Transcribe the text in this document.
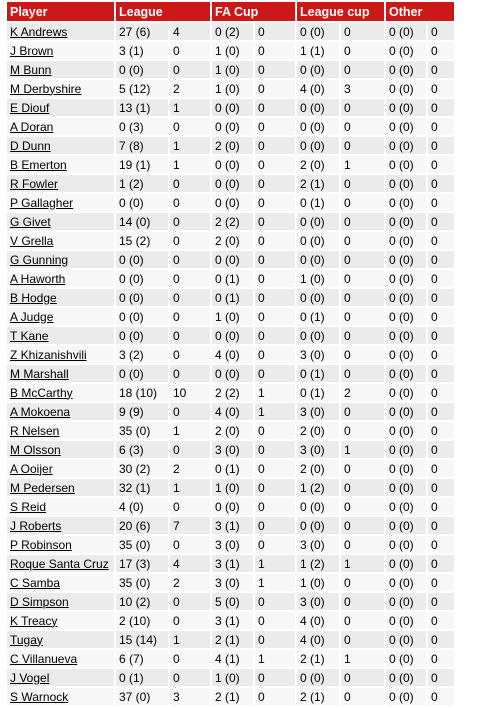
Player	League		FA Cup		League cup		Other	
K Andrews	27 (6)	4	0 (2)	0	0 (0)	0	0 (0)	0
J Brown	3 (1)	0	1 (0)	0	1 (1)	0	0 (0)	0
M Bunn	0 (0)	0	1 (0)	0	0 (0)	0	0 (0)	0
M Derbyshire	5 (12)	2	1 (0)	0	4 (0)	3	0 (0)	0
E Diouf	13 (1)	1	0 (0)	0	0 (0)	0	0 (0)	0
A Doran	0 (3)	0	0 (0)	0	0 (0)	0	0 (0)	0
D Dunn	7 (8)	1	2 (0)	0	0 (0)	0	0 (0)	0
B Emerton	19 (1)	1	0 (0)	0	2 (0)	1	0 (0)	0
R Fowler	1 (2)	0	0 (0)	0	2 (1)	0	0 (0)	0
P Gallagher	0 (0)	0	0 (0)	0	0 (1)	0	0 (0)	0
G Givet	14 (0)	0	2 (2)	0	0 (0)	0	0 (0)	0
V Grella	15 (2)	0	2 (0)	0	0 (0)	0	0 (0)	0
G Gunning	0 (0)	0	0 (0)	0	0 (0)	0	0 (0)	0
A Haworth	0 (0)	0	0 (1)	0	1 (0)	0	0 (0)	0
B Hodge	0 (0)	0	0 (1)	0	0 (0)	0	0 (0)	0
A Judge	0 (0)	0	1 (0)	0	0 (1)	0	0 (0)	0
T Kane	0 (0)	0	0 (0)	0	0 (0)	0	0 (0)	0
Z Khizanishvili	3 (2)	0	4 (0)	0	3 (0)	0	0 (0)	0
M Marshall	0 (0)	0	0 (0)	0	0 (1)	0	0 (0)	0
B McCarthy	18 (10)	10	2 (2)	1	0 (1)	2	0 (0)	0
A Mokoena	9 (9)	0	4 (0)	1	3 (0)	0	0 (0)	0
R Nelsen	35 (0)	1	2 (0)	0	2 (0)	0	0 (0)	0
M Olsson	6 (3)	0	3 (0)	0	3 (0)	1	0 (0)	0
A Ooijer	30 (2)	2	0 (1)	0	2 (0)	0	0 (0)	0
M Pedersen	32 (1)	1	1 (0)	0	1 (2)	0	0 (0)	0
S Reid	4 (0)	0	0 (0)	0	0 (0)	0	0 (0)	0
J Roberts	20 (6)	7	3 (1)	0	0 (0)	0	0 (0)	0
P Robinson	35 (0)	0	3 (0)	0	3 (0)	0	0 (0)	0
Roque Santa Cruz	17 (3)	4	3 (1)	1	1 (2)	1	0 (0)	0
C Samba	35 (0)	2	3 (0)	1	1 (0)	0	0 (0)	0
D Simpson	10 (2)	0	5 (0)	0	3 (0)	0	0 (0)	0
K Treacy	2 (10)	0	3 (1)	0	4 (0)	0	0 (0)	0
Tugay	15 (14)	1	2 (1)	0	4 (0)	0	0 (0)	0
C Villanueva	6 (7)	0	4 (1)	1	2 (1)	1	0 (0)	0
J Vogel	0 (1)	0	1 (0)	0	0 (0)	0	0 (0)	0
S Warnock	37 (0)	3	2 (1)	0	2 (1)	0	0 (0)	0
